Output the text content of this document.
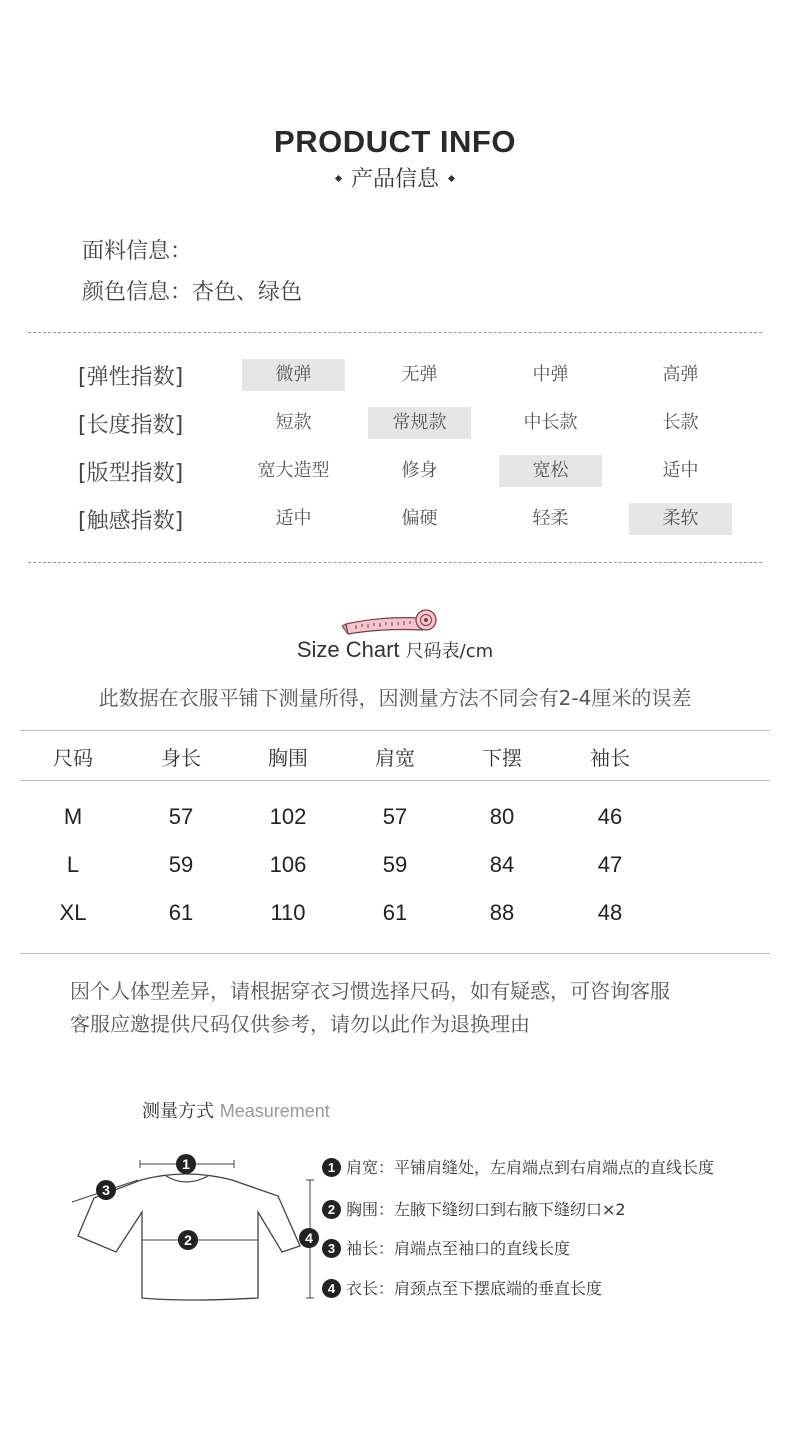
PRODUCT INFO
产品信息
面料信息：
颜色信息：杏色、绿色
[弹性指数]	微弹	无弹	中弹	高弹
[长度指数]	短款	常规款	中长款	长款
[版型指数]	宽大造型	修身	宽松	适中
[触感指数]	适中	偏硬	轻柔	柔软
Size Chart 尺码表/cm
此数据在衣服平铺下测量所得，因测量方法不同会有2-4厘米的误差
尺码	身长	胸围	肩宽	下摆	袖长
M	57	102	57	80	46
L	59	106	59	84	47
XL	61	110	61	88	48
因个人体型差异，请根据穿衣习惯选择尺码，如有疑惑，可咨询客服
客服应邀提供尺码仅供参考，请勿以此作为退换理由
测量方式 Measurement
1
2
3
4
1 肩宽：平铺肩缝处，左肩端点到右肩端点的直线长度
2 胸围：左腋下缝纫口到右腋下缝纫口×2
3 袖长：肩端点至袖口的直线长度
4 衣长：肩颈点至下摆底端的垂直长度
